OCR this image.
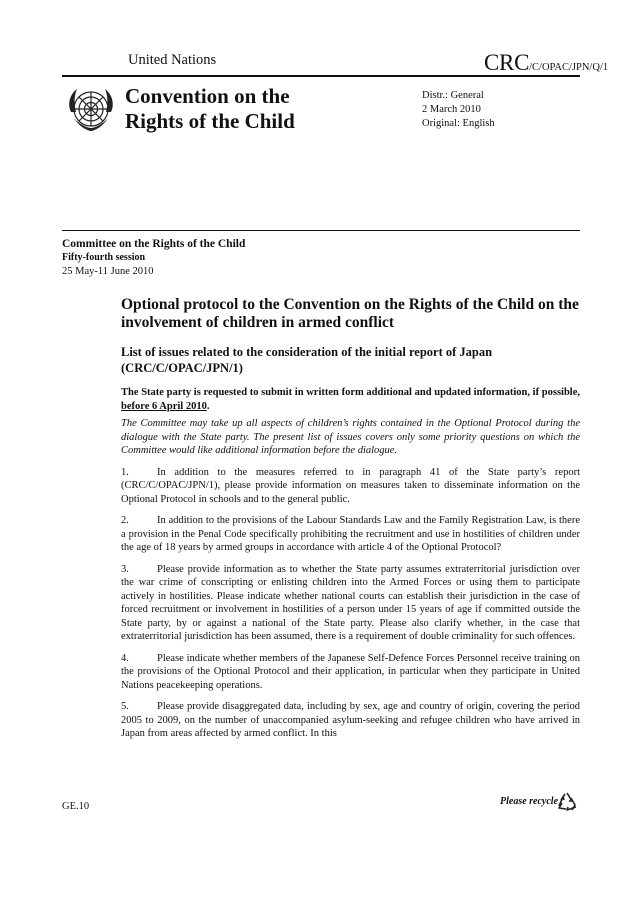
United Nations	CRC/C/OPAC/JPN/Q/1
Convention on the
Rights of the Child
Distr.: General
2 March 2010
Original: English
Committee on the Rights of the Child
Fifty-fourth session
25 May-11 June 2010

Optional protocol to the Convention on the Rights of the Child on the involvement of children in armed conflict

List of issues related to the consideration of the initial report of Japan (CRC/C/OPAC/JPN/1)

The State party is requested to submit in written form additional and updated information, if possible, before 6 April 2010.

The Committee may take up all aspects of children’s rights contained in the Optional Protocol during the dialogue with the State party. The present list of issues covers only some priority questions on which the Committee would like additional information before the dialogue.

1.	In addition to the measures referred to in paragraph 41 of the State party’s report (CRC/C/OPAC/JPN/1), please provide information on measures taken to disseminate information on the Optional Protocol in schools and to the general public.

2.	In addition to the provisions of the Labour Standards Law and the Family Registration Law, is there a provision in the Penal Code specifically prohibiting the recruitment and use in hostilities of children under the age of 18 years by armed groups in accordance with article 4 of the Optional Protocol?

3.	Please provide information as to whether the State party assumes extraterritorial jurisdiction over the war crime of conscripting or enlisting children into the Armed Forces or using them to participate actively in hostilities. Please indicate whether national courts can establish their jurisdiction in the case of forced recruitment or involvement in hostilities of a person under 15 years of age if committed outside the State party, by or against a national of the State party. Please also clarify whether, in the case that extraterritorial jurisdiction has been assumed, there is a requirement of double criminality for such offences.

4.	Please indicate whether members of the Japanese Self-Defence Forces Personnel receive training on the provisions of the Optional Protocol and their application, in particular when they participate in United Nations peacekeeping operations.

5.	Please provide disaggregated data, including by sex, age and country of origin, covering the period 2005 to 2009, on the number of unaccompanied asylum-seeking and refugee children who have arrived in Japan from areas affected by armed conflict. In this

GE.10	Please recycle
